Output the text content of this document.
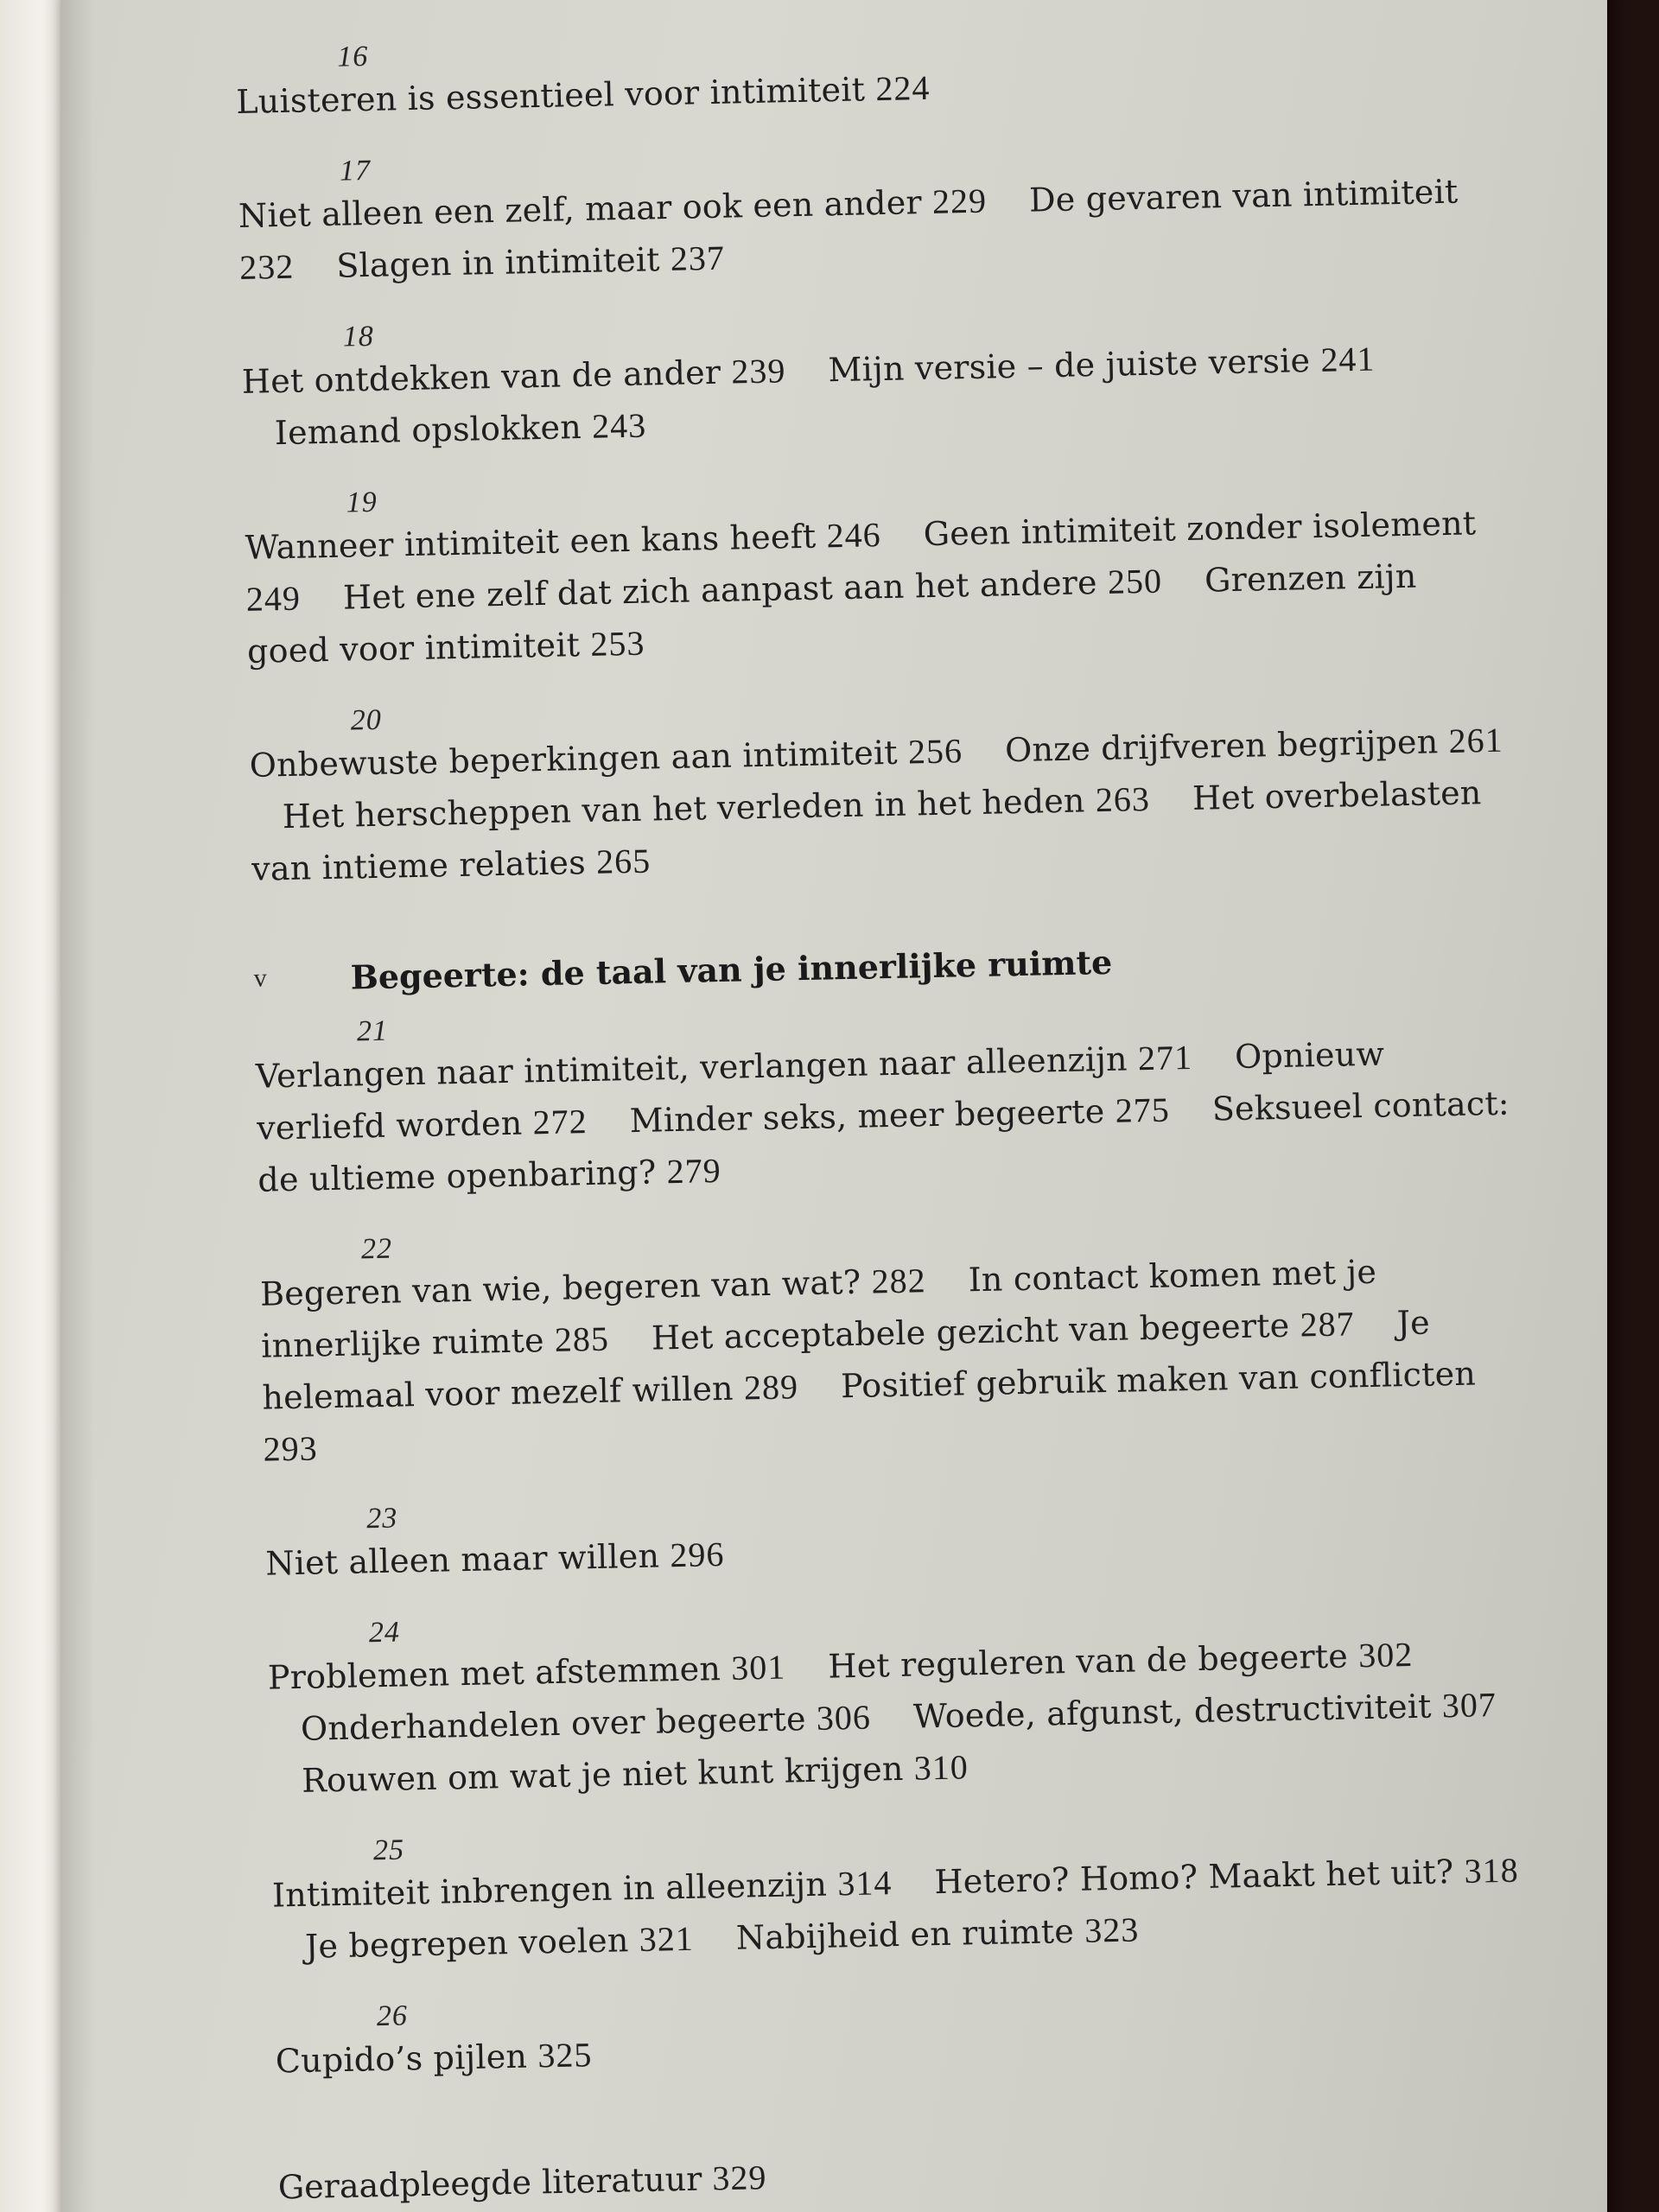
16
Luisteren is essentieel voor intimiteit 224
17
Niet alleen een zelf, maar ook een ander 229 De gevaren van intimiteit 232 Slagen in intimiteit 237
18
Het ontdekken van de ander 239 Mijn versie – de juiste versie 241 Iemand opslokken 243
19
Wanneer intimiteit een kans heeft 246 Geen intimiteit zonder isolement 249 Het ene zelf dat zich aanpast aan het andere 250 Grenzen zijn goed voor intimiteit 253
20
Onbewuste beperkingen aan intimiteit 256 Onze drijfveren begrijpen 261 Het herscheppen van het verleden in het heden 263 Het overbelasten van intieme relaties 265
v	Begeerte: de taal van je innerlijke ruimte
21
Verlangen naar intimiteit, verlangen naar alleenzijn 271 Opnieuw verliefd worden 272 Minder seks, meer begeerte 275 Seksueel contact: de ultieme openbaring? 279
22
Begeren van wie, begeren van wat? 282 In contact komen met je innerlijke ruimte 285 Het acceptabele gezicht van begeerte 287 Je helemaal voor mezelf willen 289 Positief gebruik maken van conflicten 293
23
Niet alleen maar willen 296
24
Problemen met afstemmen 301 Het reguleren van de begeerte 302 Onderhandelen over begeerte 306 Woede, afgunst, destructiviteit 307 Rouwen om wat je niet kunt krijgen 310
25
Intimiteit inbrengen in alleenzijn 314 Hetero? Homo? Maakt het uit? 318 Je begrepen voelen 321 Nabijheid en ruimte 323
26
Cupido’s pijlen 325
Geraadpleegde literatuur 329
